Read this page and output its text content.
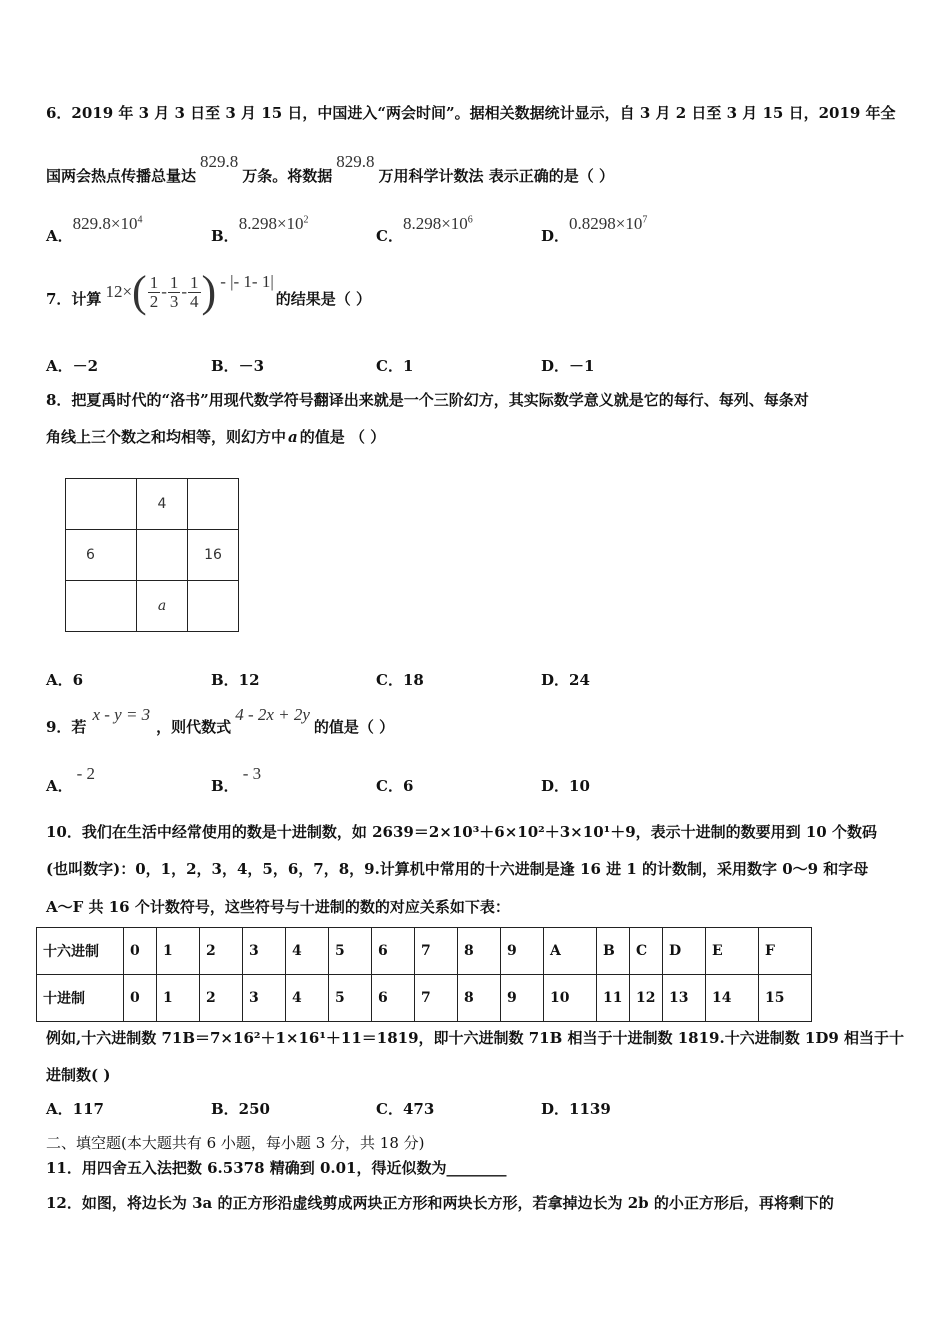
6．2019 年 3 月 3 日至 3 月 15 日，中国进入“两会时间”。据相关数据统计显示，自 3 月 2 日至 3 月 15 日，2019 年全
国两会热点传播总量达829.8万条。将数据829.8万用科学计数法 表示正确的是（ ）
A．$829.8\times 10^4$
B．$8.298\times 10^2$
C．$8.298\times 10^6$
D．$0.8298\times 10^7$
7．计算 12× ( $\frac{1}{2} - \frac{1}{3} - \frac{1}{4}$ ) - |- 1- 1|
的结果是（ ）
A．－2	B．－3	C．1	D．－1
8．把夏禹时代的“洛书”用现代数学符号翻译出来就是一个三阶幻方，其实际数学意义就是它的每行、每列、每条对
角线上三个数之和均相等，则幻方中 a 的值是 （ ）
	4	
6		16
	a	
A．6	B．12	C．18	D．24
9．若x - y = 3，则代数式4 - 2x + 2y的值是（ ）
A．- 2
B．- 3
C．6	D．10
10．我们在生活中经常使用的数是十进制数，如 2639＝2×10³＋6×10²＋3×10¹＋9，表示十进制的数要用到 10 个数码
(也叫数字)：0，1，2，3，4，5，6，7，8，9.计算机中常用的十六进制是逢 16 进 1 的计数制，采用数字 0～9 和字母
A～F 共 16 个计数符号，这些符号与十进制的数的对应关系如下表：
十六进制	0	1	2	3	4	5	6	7	8	9	A	B	C	D	E	F
十进制	0	1	2	3	4	5	6	7	8	9	10	11	12	13	14	15
例如,十六进制数 71B＝7×16²＋1×16¹＋11＝1819，即十六进制数 71B 相当于十进制数 1819.十六进制数 1D9 相当于十
进制数( )
A．117	B．250	C．473	D．1139
二、填空题(本大题共有 6 小题，每小题 3 分，共 18 分)
11．用四舍五入法把数 6.5378 精确到 0.01，得近似数为________
12．如图，将边长为 3a 的正方形沿虚线剪成两块正方形和两块长方形，若拿掉边长为 2b 的小正方形后，再将剩下的
